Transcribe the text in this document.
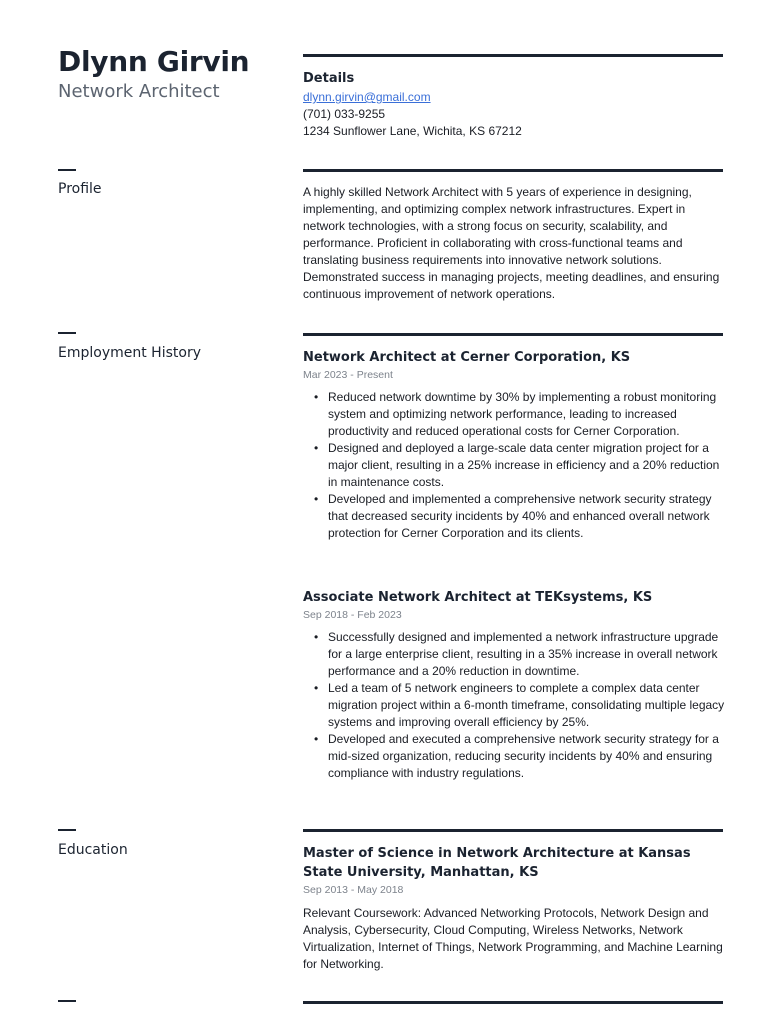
Dlynn Girvin
Network Architect
Details
dlynn.girvin@gmail.com
(701) 033-9255
1234 Sunflower Lane, Wichita, KS 67212
Profile	A highly skilled Network Architect with 5 years of experience in designing, implementing, and optimizing complex network infrastructures. Expert in network technologies, with a strong focus on security, scalability, and performance. Proficient in collaborating with cross-functional teams and translating business requirements into innovative network solutions. Demonstrated success in managing projects, meeting deadlines, and ensuring continuous improvement of network operations.
Employment History	Network Architect at Cerner Corporation, KS
Mar 2023 - Present
• Reduced network downtime by 30% by implementing a robust monitoring system and optimizing network performance, leading to increased productivity and reduced operational costs for Cerner Corporation.
• Designed and deployed a large-scale data center migration project for a major client, resulting in a 25% increase in efficiency and a 20% reduction in maintenance costs.
• Developed and implemented a comprehensive network security strategy that decreased security incidents by 40% and enhanced overall network protection for Cerner Corporation and its clients.
Associate Network Architect at TEKsystems, KS
Sep 2018 - Feb 2023
• Successfully designed and implemented a network infrastructure upgrade for a large enterprise client, resulting in a 35% increase in overall network performance and a 20% reduction in downtime.
• Led a team of 5 network engineers to complete a complex data center migration project within a 6-month timeframe, consolidating multiple legacy systems and improving overall efficiency by 25%.
• Developed and executed a comprehensive network security strategy for a mid-sized organization, reducing security incidents by 40% and ensuring compliance with industry regulations.
Education	Master of Science in Network Architecture at Kansas State University, Manhattan, KS
Sep 2013 - May 2018
Relevant Coursework: Advanced Networking Protocols, Network Design and Analysis, Cybersecurity, Cloud Computing, Wireless Networks, Network Virtualization, Internet of Things, Network Programming, and Machine Learning for Networking.
